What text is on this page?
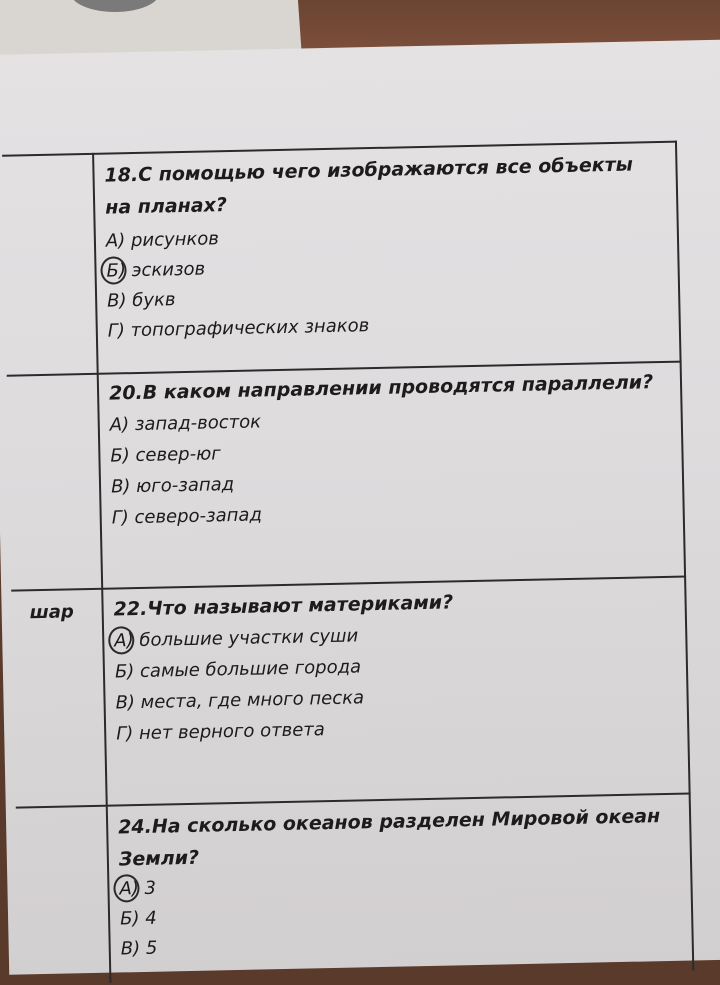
18.С помощью чего изображаются все объекты
на планах?
А) рисунков
Б) эскизов
В) букв
Г) топографических знаков
20.В каком направлении проводятся параллели?
А) запад-восток
Б) север-юг
В) юго-запад
Г) северо-запад
шар 22.Что называют материками?
А) большие участки суши
Б) самые большие города
В) места, где много песка
Г) нет верного ответа
24.На сколько океанов разделен Мировой океан
Земли?
А) 3
Б) 4
В) 5
